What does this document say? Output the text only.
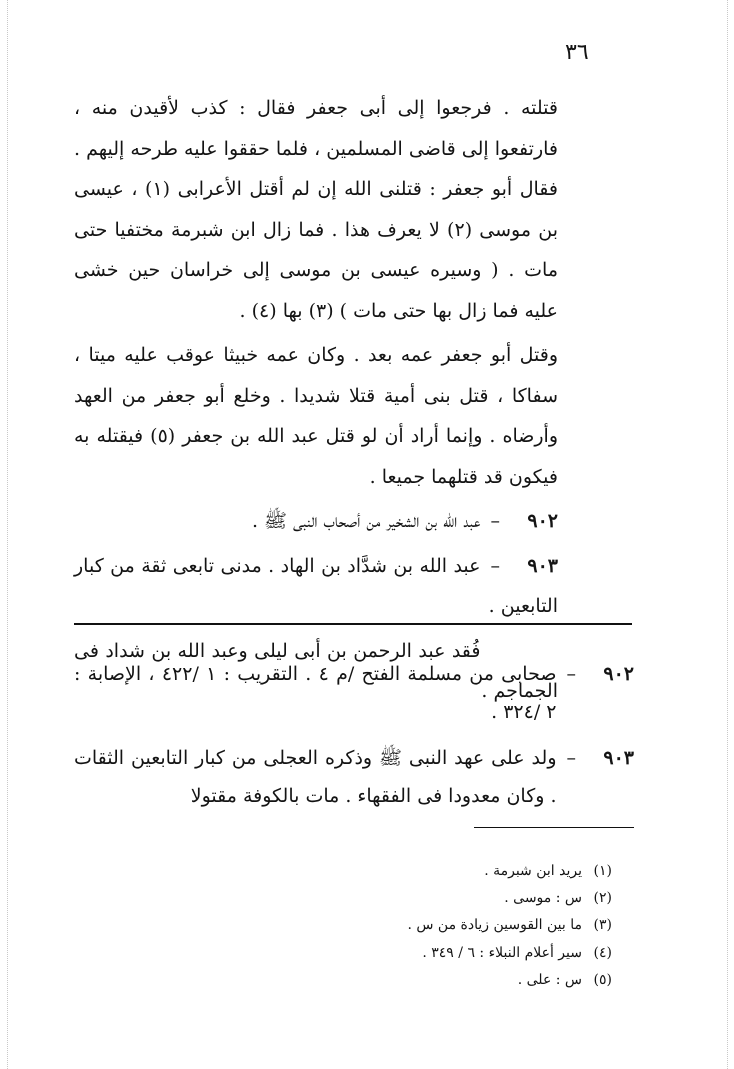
٣٦

قتلته . فرجعوا إلى أبى جعفر فقال : كذب لأقيدن منه ، فارتفعوا إلى قاضى المسلمين ، فلما حققوا عليه طرحه إليهم . فقال أبو جعفر : قتلنى الله إن لم أقتل الأعرابى (١) ، عيسى بن موسى (٢) لا يعرف هذا . فما زال ابن شبرمة مختفيا حتى مات . ( وسيره عيسى بن موسى إلى خراسان حين خشى عليه فما زال بها حتى مات ) (٣) بها (٤) .

وقتل أبو جعفر عمه بعد . وكان عمه خبيثا عوقب عليه ميتا ، سفاكا ، قتل بنى أمية قتلا شديدا . وخلع أبو جعفر من العهد وأرضاه . وإنما أراد أن لو قتل عبد الله بن جعفر (٥) فيقتله به فيكون قد قتلهما جميعا .

٩٠٢–عبد الله بن الشخير من أصحاب النبى ﷺ .
٩٠٣–عبد الله بن شدَّاد بن الهاد . مدنى تابعى ثقة من كبار التابعين .
فُقد عبد الرحمن بن أبى ليلى وعبد الله بن شداد فى الجماجم .
٩٠٢
–
صحابى من مسلمة الفتح /م ٤ . التقريب : ١ /٤٢٢ ، الإصابة : ٢ /٣٢٤ .
٩٠٣
–
ولد على عهد النبى ﷺ وذكره العجلى من كبار التابعين الثقات . وكان معدودا فى الفقهاء . مات بالكوفة مقتولا
(١)يريد ابن شبرمة .
(٢)س : موسى .
(٣)ما بين القوسين زيادة من س .
(٤)سير أعلام النبلاء : ٦ / ٣٤٩ .
(٥)س : على .
